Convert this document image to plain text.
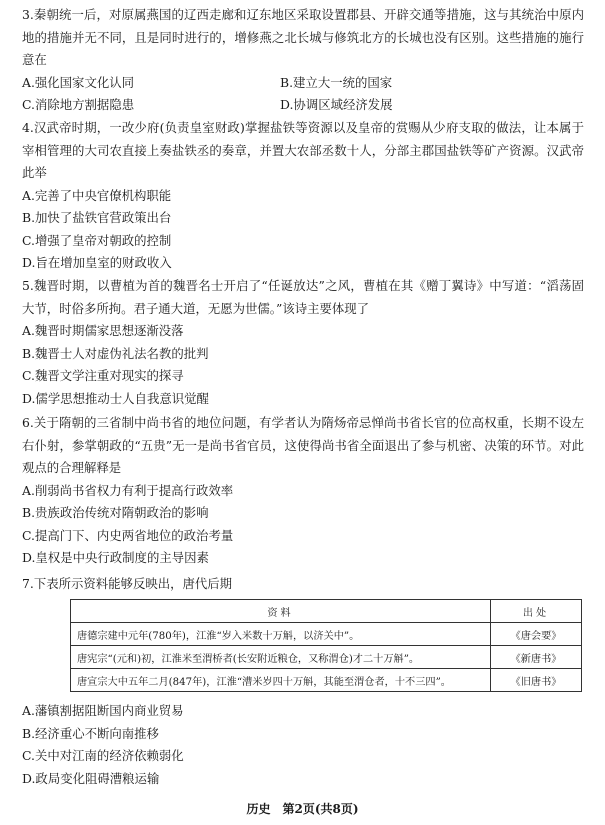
3.秦朝统一后，对原属燕国的辽西走廊和辽东地区采取设置郡县、开辟交通等措施，这与其统治中原内地的措施并无不同，且是同时进行的，增修燕之北长城与修筑北方的长城也没有区别。这些措施的施行意在

A.强化国家文化认同	B.建立大一统的国家

C.消除地方割据隐患	D.协调区域经济发展

4.汉武帝时期，一改少府(负责皇室财政)掌握盐铁等资源以及皇帝的赏赐从少府支取的做法，让本属于宰相管理的大司农直接上奏盐铁丞的奏章，并置大农部丞数十人，分部主郡国盐铁等矿产资源。汉武帝此举

A.完善了中央官僚机构职能

B.加快了盐铁官营政策出台

C.增强了皇帝对朝政的控制

D.旨在增加皇室的财政收入

5.魏晋时期，以曹植为首的魏晋名士开启了“任诞放达”之风，曹植在其《赠丁翼诗》中写道：“滔荡固大节，时俗多所拘。君子通大道，无愿为世儒。”该诗主要体现了

A.魏晋时期儒家思想逐渐没落

B.魏晋士人对虚伪礼法名教的批判

C.魏晋文学注重对现实的探寻

D.儒学思想推动士人自我意识觉醒

6.关于隋朝的三省制中尚书省的地位问题，有学者认为隋炀帝忌惮尚书省长官的位高权重，长期不设左右仆射，参掌朝政的“五贵”无一是尚书省官员，这使得尚书省全面退出了参与机密、决策的环节。对此观点的合理解释是

A.削弱尚书省权力有利于提高行政效率

B.贵族政治传统对隋朝政治的影响

C.提高门下、内史两省地位的政治考量

D.皇权是中央行政制度的主导因素

7.下表所示资料能够反映出，唐代后期

资料	出处
唐德宗建中元年(780年)，江淮“岁入米数十万斛，以济关中”。	《唐会要》
唐宪宗“(元和)初，江淮米至渭桥者(长安附近粮仓，又称渭仓)才二十万斛”。	《新唐书》
唐宣宗大中五年二月(847年)，江淮“漕米岁四十万斛，其能至渭仓者，十不三四”。	《旧唐书》

A.藩镇割据阻断国内商业贸易

B.经济重心不断向南推移

C.关中对江南的经济依赖弱化

D.政局变化阻碍漕粮运输

历史　第2页(共8页)
